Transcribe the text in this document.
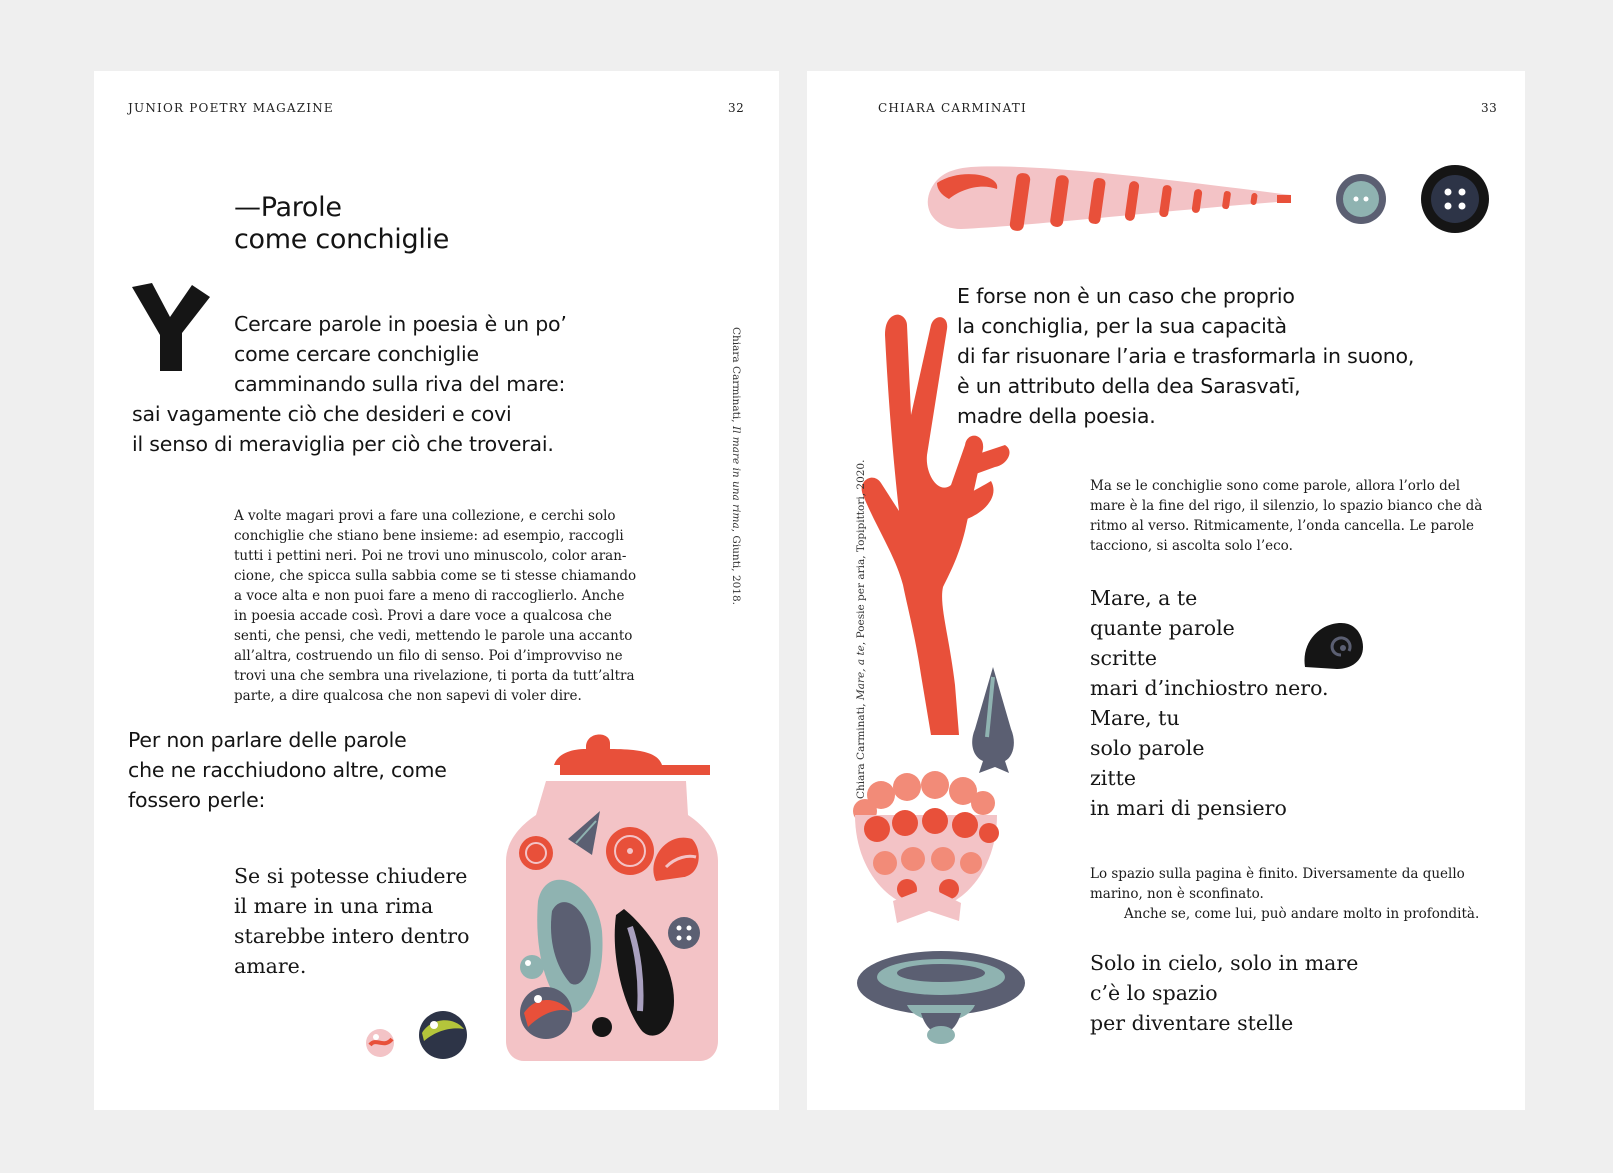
JUNIOR POETRY MAGAZINE	32
—Parole
come conchiglie
Cercare parole in poesia è un po’
come cercare conchiglie
camminando sulla riva del mare:
sai vagamente ciò che desideri e covi
il senso di meraviglia per ciò che troverai.
A volte magari provi a fare una collezione, e cerchi solo
conchiglie che stiano bene insieme: ad esempio, raccogli
tutti i pettini neri. Poi ne trovi uno minuscolo, color aran-
cione, che spicca sulla sabbia come se ti stesse chiamando
a voce alta e non puoi fare a meno di raccoglierlo. Anche
in poesia accade così. Provi a dare voce a qualcosa che
senti, che pensi, che vedi, mettendo le parole una accanto
all’altra, costruendo un filo di senso. Poi d’improvviso ne
trovi una che sembra una rivelazione, ti porta da tutt’altra
parte, a dire qualcosa che non sapevi di voler dire.
Per non parlare delle parole
che ne racchiudono altre, come
fossero perle:
Se si potesse chiudere
il mare in una rima
starebbe intero dentro
amare.
Chiara Carminati, Il mare in una rima, Giunti, 2018.
CHIARA CARMINATI	33
E forse non è un caso che proprio
la conchiglia, per la sua capacità
di far risuonare l’aria e trasformarla in suono,
è un attributo della dea Sarasvatī,
madre della poesia.
Ma se le conchiglie sono come parole, allora l’orlo del
mare è la fine del rigo, il silenzio, lo spazio bianco che dà
ritmo al verso. Ritmicamente, l’onda cancella. Le parole
tacciono, si ascolta solo l’eco.
Mare, a te
quante parole
scritte
mari d’inchiostro nero.
Mare, tu
solo parole
zitte
in mari di pensiero
Chiara Carminati, Mare, a te, Poesie per aria, Topipittori, 2020.
Lo spazio sulla pagina è finito. Diversamente da quello
marino, non è sconfinato.
Anche se, come lui, può andare molto in profondità.
Solo in cielo, solo in mare
c’è lo spazio
per diventare stelle
